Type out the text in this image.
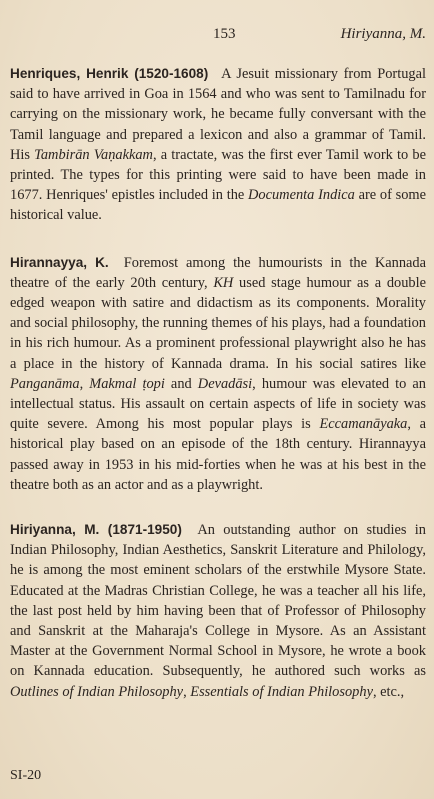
153	Hiriyanna, M.

Henriques, Henrik (1520-1608)   A Jesuit missionary from Portugal said to have arrived in Goa in 1564 and who was sent to Tamilnadu for carrying on the missionary work, he became fully conversant with the Tamil language and prepared a lexicon and also a grammar of Tamil. His Tambirān Vaṇakkam, a tractate, was the first ever Tamil work to be printed. The types for this printing were said to have been made in 1677. Henriques' epistles included in the Documenta Indica are of some historical value.

Hirannayya, K.   Foremost among the humourists in the Kannada theatre of the early 20th century, KH used stage humour as a double edged weapon with satire and didactism as its components. Morality and social philosophy, the running themes of his plays, had a foundation in his rich humour. As a prominent professional playwright also he has a place in the history of Kannada drama. In his social satires like Panganāma, Makmal ṭopi and Devadāsi, humour was elevated to an intellectual status. His assault on certain aspects of life in society was quite severe. Among his most popular plays is Eccamanāyaka, a historical play based on an episode of the 18th century. Hirannayya passed away in 1953 in his mid-forties when he was at his best in the theatre both as an actor and as a playwright.

Hiriyanna, M. (1871-1950)   An outstanding author on studies in Indian Philosophy, Indian Aesthetics, Sanskrit Literature and Philology, he is among the most eminent scholars of the erstwhile Mysore State. Educated at the Madras Christian College, he was a teacher all his life, the last post held by him having been that of Professor of Philosophy and Sanskrit at the Maharaja's College in Mysore. As an Assistant Master at the Government Normal School in Mysore, he wrote a book on Kannada education. Subsequently, he authored such works as Outlines of Indian Philosophy, Essentials of Indian Philosophy, etc.,

SI-20
